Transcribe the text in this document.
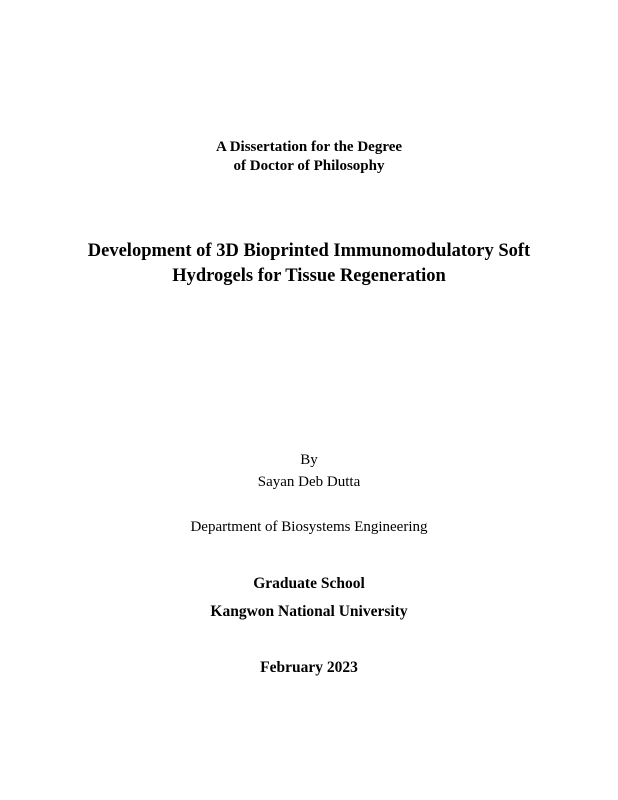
A Dissertation for the Degree
of Doctor of Philosophy
Development of 3D Bioprinted Immunomodulatory Soft
Hydrogels for Tissue Regeneration
By
Sayan Deb Dutta
Department of Biosystems Engineering
Graduate School
Kangwon National University
February 2023
